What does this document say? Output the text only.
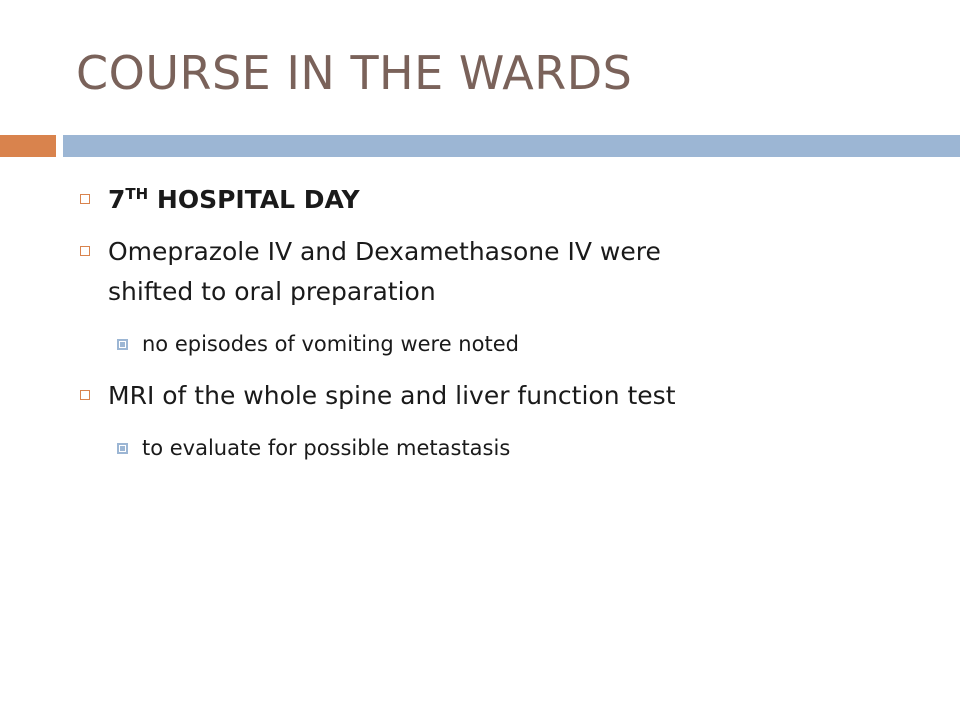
COURSE IN THE WARDS
7TH HOSPITAL DAY
Omeprazole IV and Dexamethasone IV were
shifted to oral preparation
no episodes of vomiting were noted
MRI of the whole spine and liver function test
to evaluate for possible metastasis
